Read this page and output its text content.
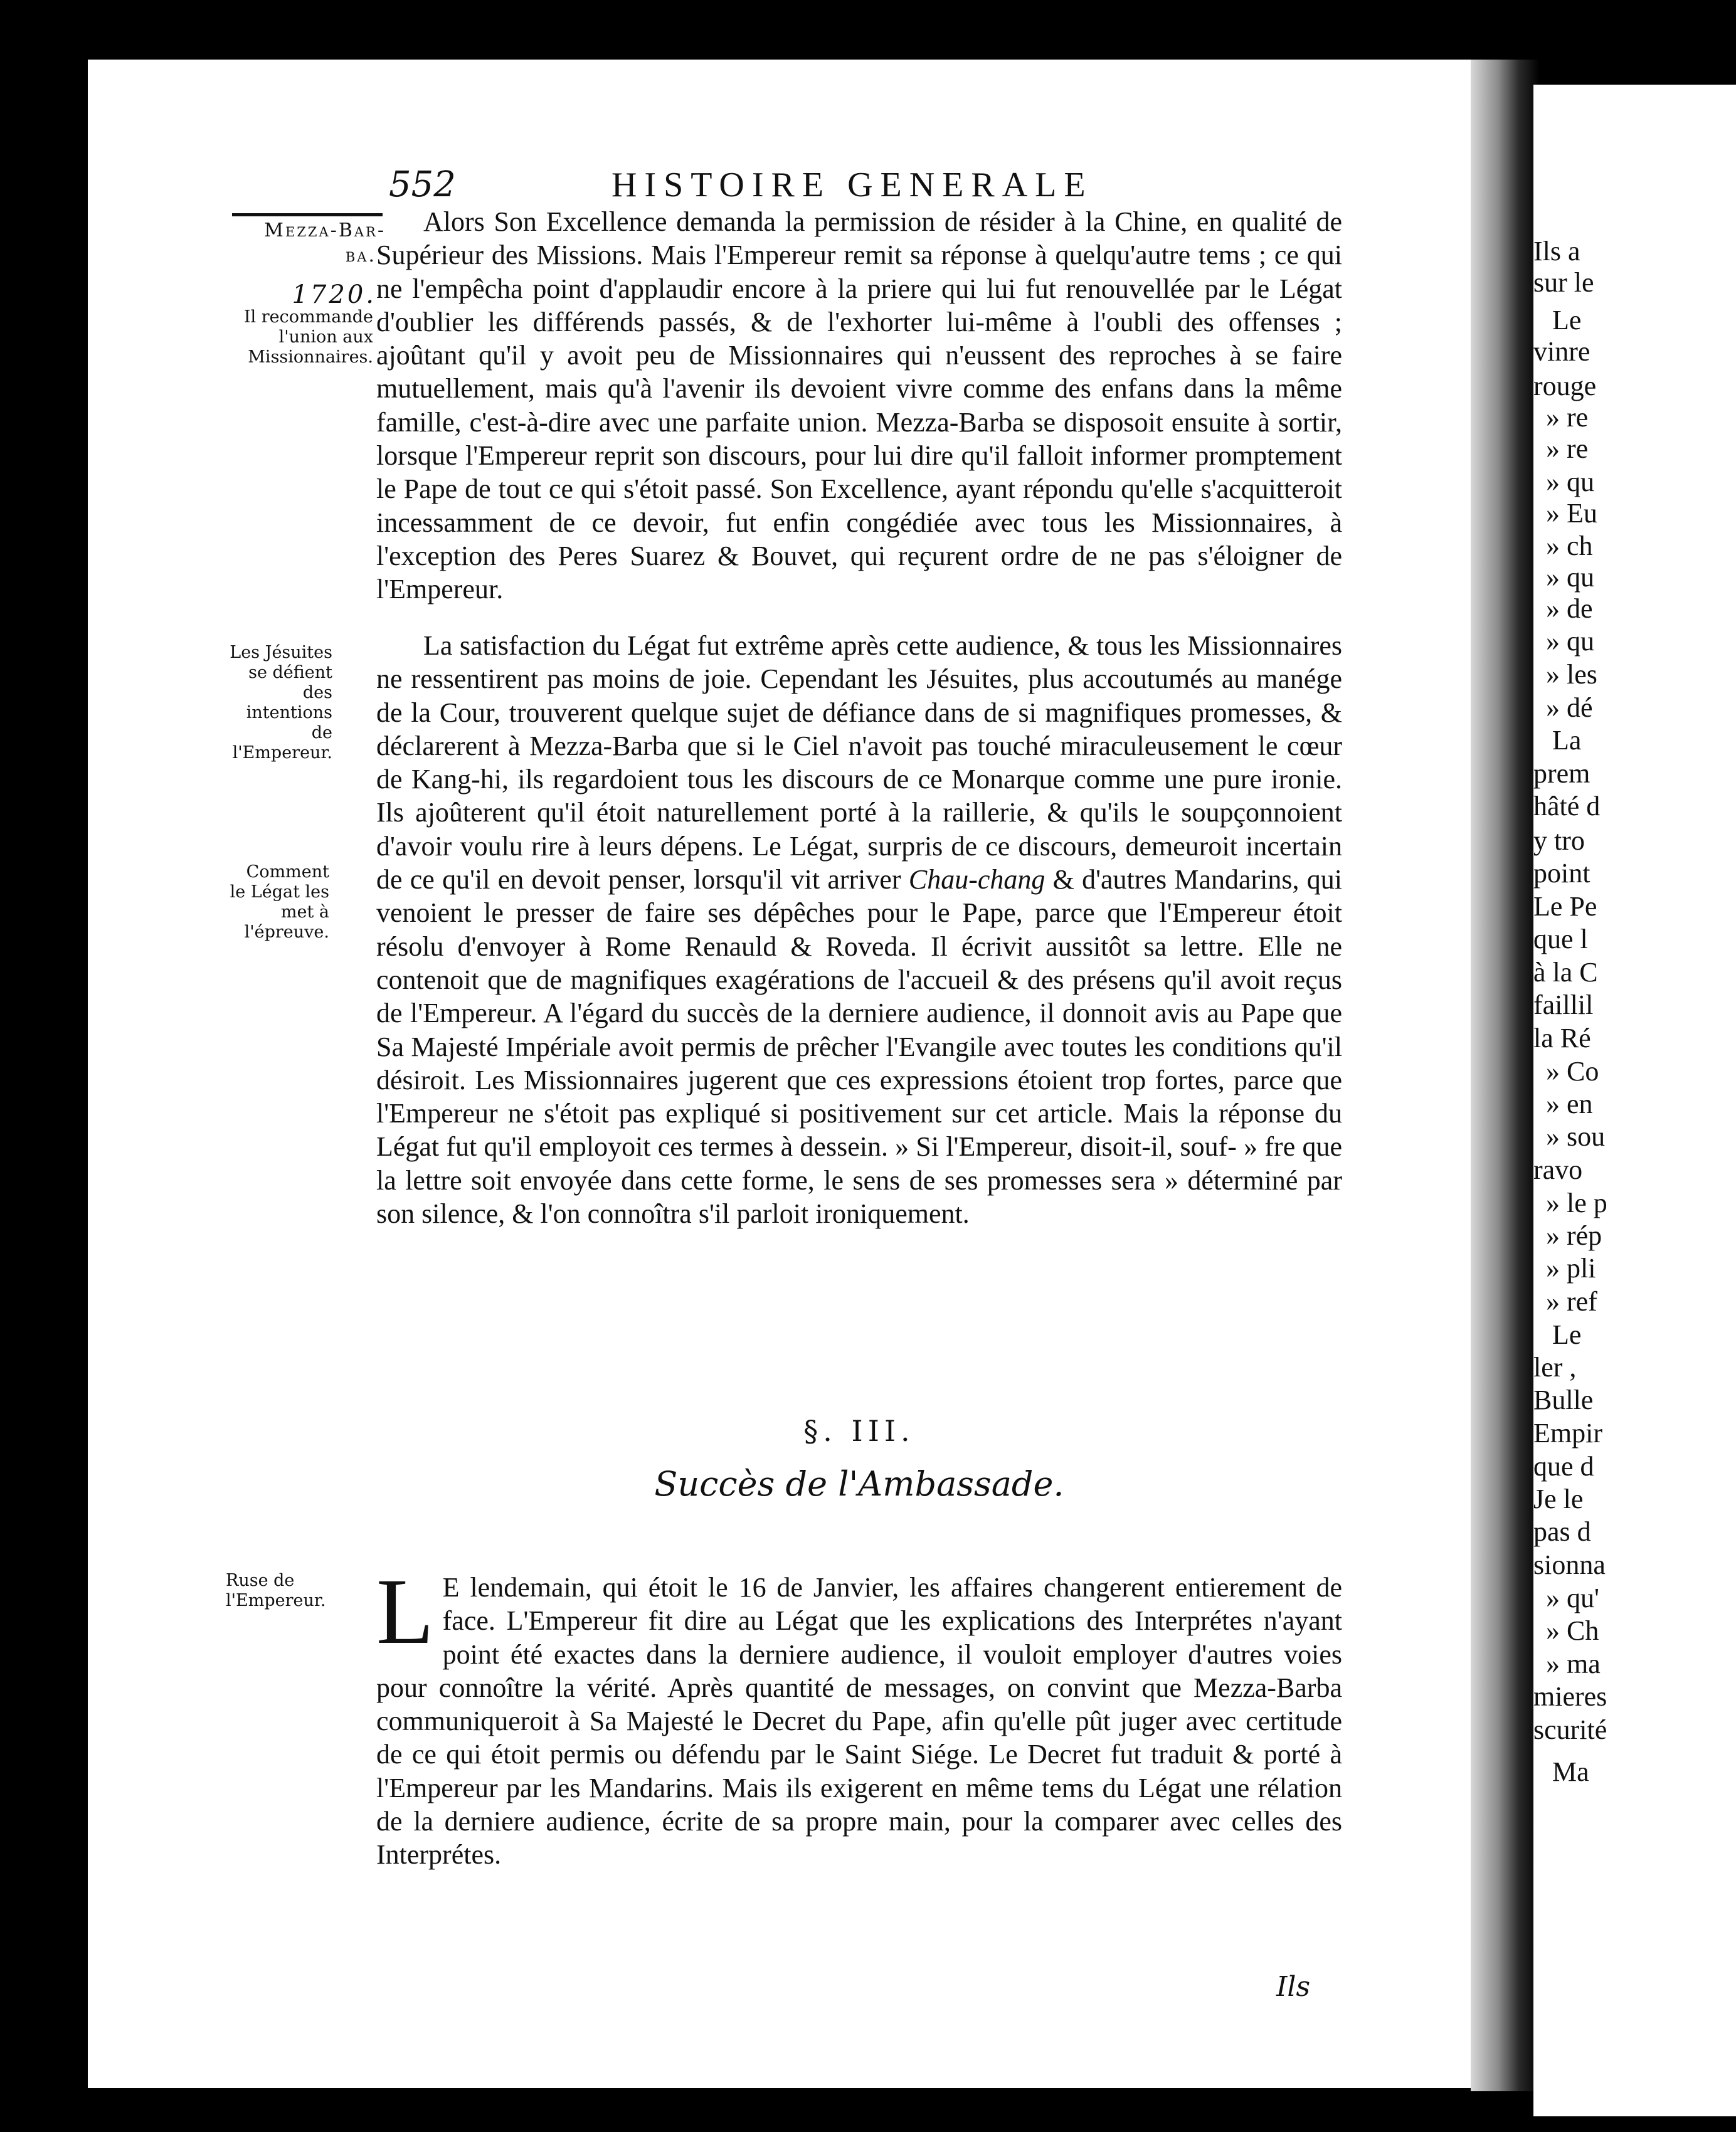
552	HISTOIRE GENERALE
Mezza-Bar-
ba.
1720.
Il recommande l'union aux Missionnaires.
Les Jésuites se défient des intentions de l'Empereur.
Comment le Légat les met à l'épreuve.
Ruse de l'Empereur.

Alors Son Excellence demanda la permission de résider à la Chine, en qualité de Supérieur des Missions. Mais l'Empereur remit sa réponse à quelqu'autre tems ; ce qui ne l'empêcha point d'applaudir encore à la priere qui lui fut renouvellée par le Légat d'oublier les différends passés, & de l'exhorter lui-même à l'oubli des offenses ; ajoûtant qu'il y avoit peu de Missionnaires qui n'eussent des reproches à se faire mutuellement, mais qu'à l'avenir ils devoient vivre comme des enfans dans la même famille, c'est-à-dire avec une parfaite union. Mezza-Barba se disposoit ensuite à sortir, lorsque l'Empereur reprit son discours, pour lui dire qu'il falloit informer promptement le Pape de tout ce qui s'étoit passé. Son Excellence, ayant répondu qu'elle s'acquitteroit incessamment de ce devoir, fut enfin congédiée avec tous les Missionnaires, à l'exception des Peres Suarez & Bouvet, qui reçurent ordre de ne pas s'éloigner de l'Empereur.

La satisfaction du Légat fut extrême après cette audience, & tous les Missionnaires ne ressentirent pas moins de joie. Cependant les Jésuites, plus accoutumés au manége de la Cour, trouverent quelque sujet de défiance dans de si magnifiques promesses, & déclarerent à Mezza-Barba que si le Ciel n'avoit pas touché miraculeusement le cœur de Kang-hi, ils regardoient tous les discours de ce Monarque comme une pure ironie. Ils ajoûterent qu'il étoit naturellement porté à la raillerie, & qu'ils le soupçonnoient d'avoir voulu rire à leurs dépens. Le Légat, surpris de ce discours, demeuroit incertain de ce qu'il en devoit penser, lorsqu'il vit arriver Chau-chang & d'autres Mandarins, qui venoient le presser de faire ses dépêches pour le Pape, parce que l'Empereur étoit résolu d'envoyer à Rome Renauld & Roveda. Il écrivit aussitôt sa lettre. Elle ne contenoit que de magnifiques exagérations de l'accueil & des présens qu'il avoit reçus de l'Empereur. A l'égard du succès de la derniere audience, il donnoit avis au Pape que Sa Majesté Impériale avoit permis de prêcher l'Evangile avec toutes les conditions qu'il désiroit. Les Missionnaires jugerent que ces expressions étoient trop fortes, parce que l'Empereur ne s'étoit pas expliqué si positivement sur cet article. Mais la réponse du Légat fut qu'il employoit ces termes à dessein. » Si l'Empereur, disoit-il, souf- » fre que la lettre soit envoyée dans cette forme, le sens de ses promesses sera » déterminé par son silence, & l'on connoîtra s'il parloit ironiquement.

§. III.
Succès de l'Ambassade.
L E lendemain, qui étoit le 16 de Janvier, les affaires changerent entierement de face. L'Empereur fit dire au Légat que les explications des Interprétes n'ayant point été exactes dans la derniere audience, il vouloit employer d'autres voies pour connoître la vérité. Après quantité de messages, on convint que Mezza-Barba communiqueroit à Sa Majesté le Decret du Pape, afin qu'elle pût juger avec certitude de ce qui étoit permis ou défendu par le Saint Siége. Le Decret fut traduit & porté à l'Empereur par les Mandarins. Mais ils exigerent en même tems du Légat une rélation de la derniere audience, écrite de sa propre main, pour la comparer avec celles des Interprétes.
Ils
Ils a
sur le
Le
vinre
rouge
» re
» re
» qu
» Eu
» ch
» qu
» de
» qu
» les
» dé
La
prem
hâté d
y tro
point
Le Pe
que l
à la C
faillil
la Ré
» Co
» en
» sou
ravo
» le p
» rép
» pli
» ref
Le
ler ,
Bulle
Empir
que d
Je le
pas d
sionna
» qu'
» Ch
» ma
mieres
scurité
Ma
